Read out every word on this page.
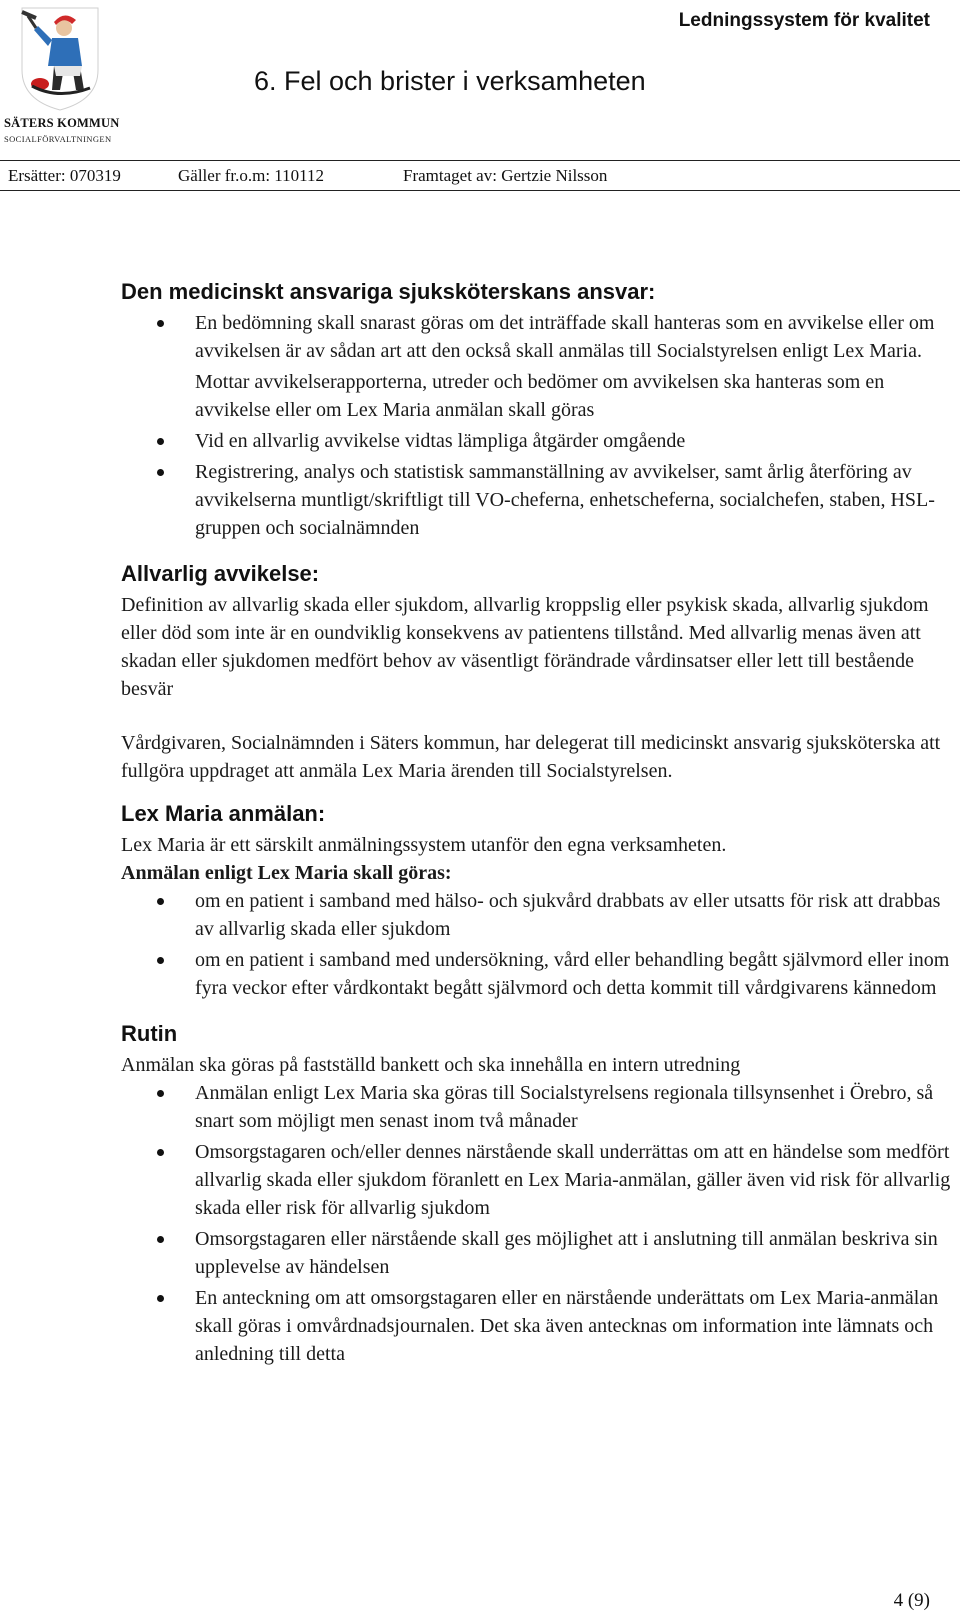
SÄTERS KOMMUN
SOCIALFÖRVALTNINGEN
Ledningssystem för kvalitet
6. Fel och brister i verksamheten
Ersätter: 070319	Gäller fr.o.m: 110112	Framtaget av: Gertzie Nilsson
Den medicinskt ansvariga sjuksköterskans ansvar:
En bedömning skall snarast göras om det inträffade skall hanteras som en avvikelse eller om avvikelsen är av sådan art att den också skall anmälas till Socialstyrelsen enligt Lex Maria.

Mottar avvikelserapporterna, utreder och bedömer om avvikelsen ska hanteras som en avvikelse eller om Lex Maria anmälan skall göras

Vid en allvarlig avvikelse vidtas lämpliga åtgärder omgående
Registrering, analys och statistisk sammanställning av avvikelser, samt årlig återföring av avvikelserna muntligt/skriftligt till VO-cheferna, enhetscheferna, socialchefen, staben, HSL-gruppen och socialnämnden
Allvarlig avvikelse:

Definition av allvarlig skada eller sjukdom, allvarlig kroppslig eller psykisk skada, allvarlig sjukdom eller död som inte är en oundviklig konsekvens av patientens tillstånd. Med allvarlig menas även att skadan eller sjukdomen medfört behov av väsentligt förändrade vårdinsatser eller lett till bestående besvär

Vårdgivaren, Socialnämnden i Säters kommun, har delegerat till medicinskt ansvarig sjuksköterska att fullgöra uppdraget att anmäla Lex Maria ärenden till Socialstyrelsen.

Lex Maria anmälan:

Lex Maria är ett särskilt anmälningssystem utanför den egna verksamheten.

Anmälan enligt Lex Maria skall göras:

om en patient i samband med hälso- och sjukvård drabbats av eller utsatts för risk att drabbas av allvarlig skada eller sjukdom
om en patient i samband med undersökning, vård eller behandling begått självmord eller inom fyra veckor efter vårdkontakt begått självmord och detta kommit till vårdgivarens kännedom
Rutin

Anmälan ska göras på fastställd bankett och ska innehålla en intern utredning

Anmälan enligt Lex Maria ska göras till Socialstyrelsens regionala tillsynsenhet i Örebro, så snart som möjligt men senast inom två månader
Omsorgstagaren och/eller dennes närstående skall underrättas om att en händelse som medfört allvarlig skada eller sjukdom föranlett en Lex Maria-anmälan, gäller även vid risk för allvarlig skada eller risk för allvarlig sjukdom
Omsorgstagaren eller närstående skall ges möjlighet att i anslutning till anmälan beskriva sin upplevelse av händelsen
En anteckning om att omsorgstagaren eller en närstående underättats om Lex Maria-anmälan skall göras i omvårdnadsjournalen. Det ska även antecknas om information inte lämnats och anledning till detta
4 (9)
